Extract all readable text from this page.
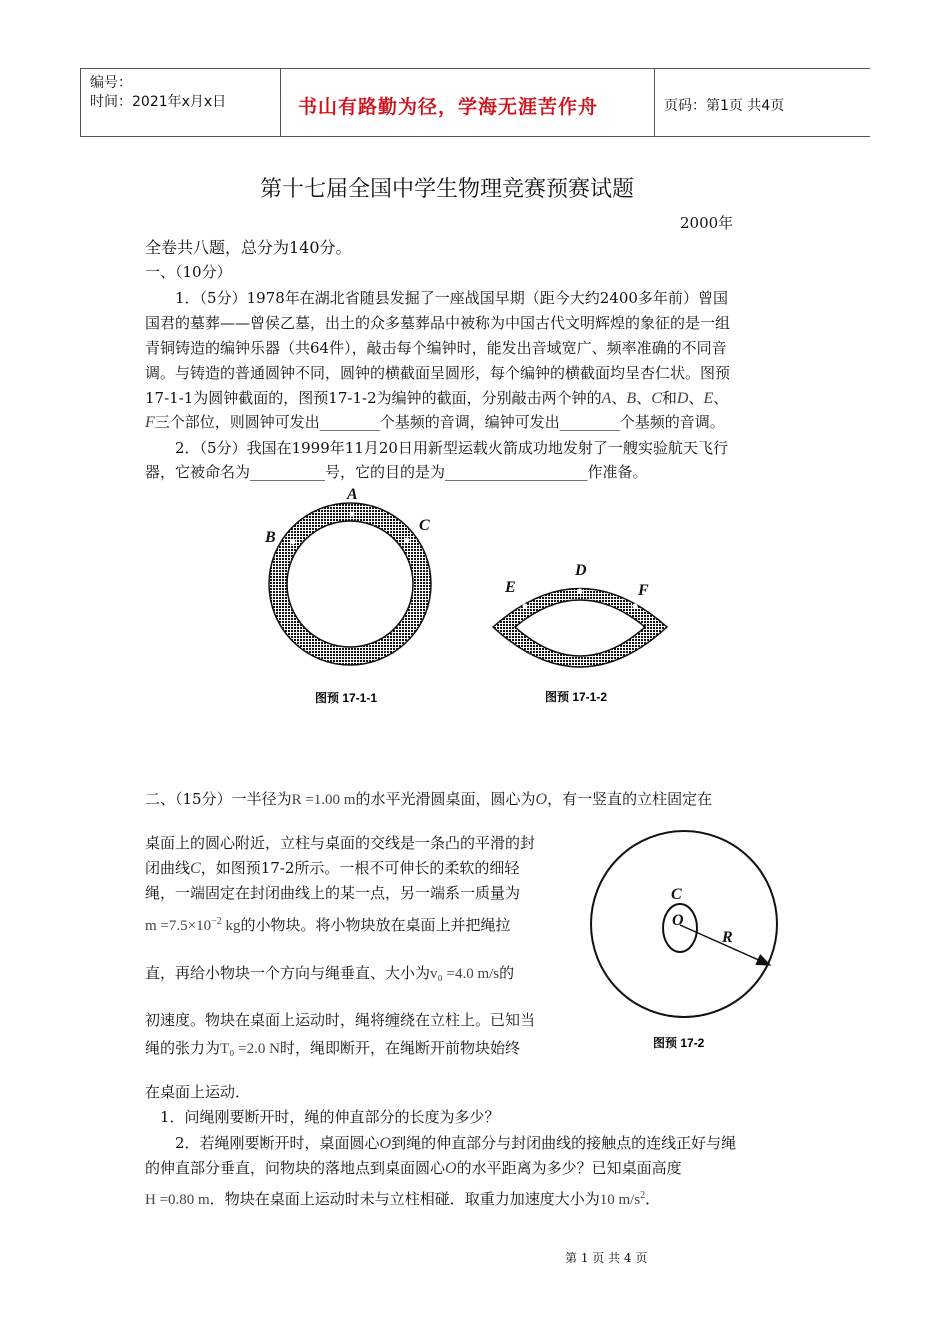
编号：
时间：2021年x月x日	书山有路勤为径，学海无涯苦作舟	页码：第1页 共4页
第十七届全国中学生物理竞赛预赛试题
2000年
全卷共八题，总分为140分。
一、（10分）
1．（5分）1978年在湖北省随县发掘了一座战国早期（距今大约2400多年前）曾国
国君的墓葬——曾侯乙墓，出土的众多墓葬品中被称为中国古代文明辉煌的象征的是一组
青铜铸造的编钟乐器（共64件），敲击每个编钟时，能发出音域宽广、频率准确的不同音
调。与铸造的普通圆钟不同，圆钟的横截面呈圆形，每个编钟的横截面均呈杏仁状。图预
17-1-1为圆钟截面的，图预17-1-2为编钟的截面，分别敲击两个钟的A、B、C和D、E、
F三个部位，则圆钟可发出________个基频的音调，编钟可发出________个基频的音调。
2．（5分）我国在1999年11月20日用新型运载火箭成功地发射了一艘实验航天飞行
器，它被命名为__________号，它的目的是为___________________作准备。
A
B
C
图预 17-1-1
D
E	F
图预 17-1-2
二、（15分）一半径为R =1.00 m的水平光滑圆桌面，圆心为O，有一竖直的立柱固定在
桌面上的圆心附近，立柱与桌面的交线是一条凸的平滑的封
闭曲线C，如图预17-2所示。一根不可伸长的柔软的细轻
绳，一端固定在封闭曲线上的某一点，另一端系一质量为
$m =7.5\times 10^{-2}$ kg的小物块。将小物块放在桌面上并把绳拉
直，再给小物块一个方向与绳垂直、大小为v₀ =4.0 m/s的
初速度。物块在桌面上运动时，绳将缠绕在立柱上。已知当
绳的张力为T₀ =2.0 N时，绳即断开，在绳断开前物块始终
在桌面上运动．
1．问绳刚要断开时，绳的伸直部分的长度为多少？
2．若绳刚要断开时，桌面圆心O到绳的伸直部分与封闭曲线的接触点的连线正好与绳
的伸直部分垂直，问物块的落地点到桌面圆心O的水平距离为多少？已知桌面高度
H =0.80 m．物块在桌面上运动时未与立柱相碰．取重力加速度大小为10 $m/s^2$．
C
O
R
图预 17-2
第 1 页 共 4 页
